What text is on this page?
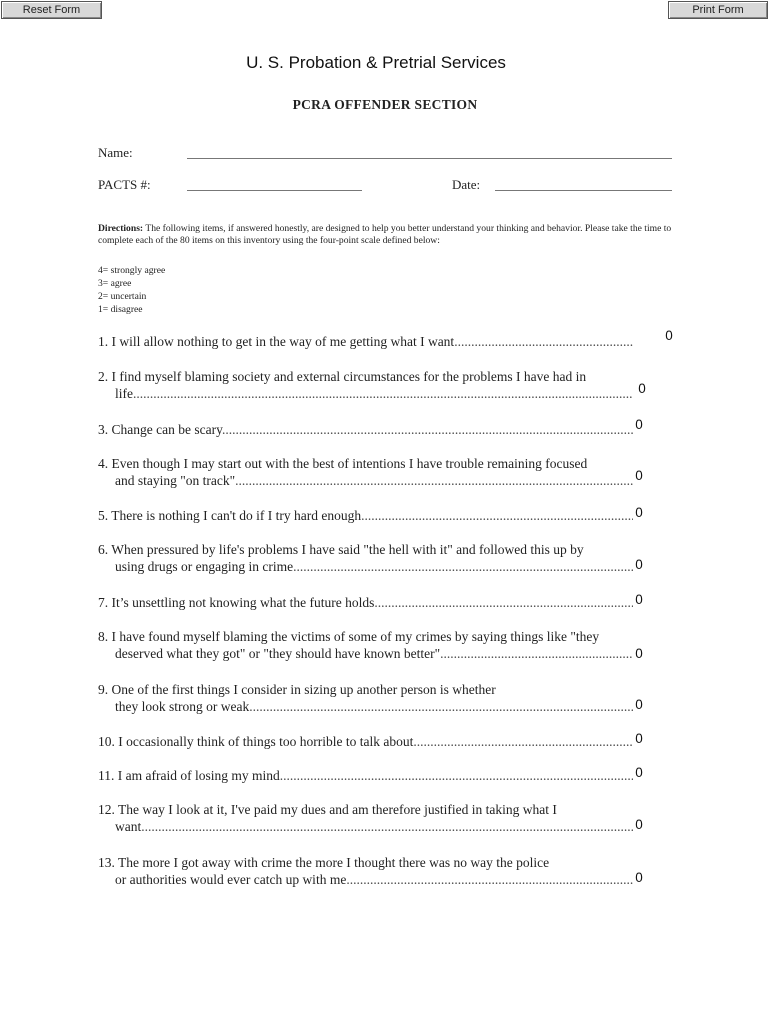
Reset Form	Print Form
U. S. Probation & Pretrial Services
PCRA OFFENDER SECTION
Name:
PACTS #:	Date:
Directions: The following items, if answered honestly, are designed to help you better understand your thinking and behavior. Please take the time to complete each of the 80 items on this inventory using the four-point scale defined below:
4= strongly agree
3= agree
2= uncertain
1= disagree
1. I will allow nothing to get in the way of me getting what I want .....	0
2. I find myself blaming society and external circumstances for the problems I have had in
life .....	0
3. Change can be scary .....	0
4. Even though I may start out with the best of intentions I have trouble remaining focused
and staying "on track" .....	0
5. There is nothing I can't do if I try hard enough .....	0
6. When pressured by life's problems I have said "the hell with it" and followed this up by
using drugs or engaging in crime .....	0
7. It’s unsettling not knowing what the future holds .....	0
8. I have found myself blaming the victims of some of my crimes by saying things like "they
deserved what they got" or "they should have known better" .....	0
9. One of the first things I consider in sizing up another person is whether
they look strong or weak .....	0
10. I occasionally think of things too horrible to talk about .....	0
11. I am afraid of losing my mind .....	0
12. The way I look at it, I've paid my dues and am therefore justified in taking what I
want .....	0
13. The more I got away with crime the more I thought there was no way the police
or authorities would ever catch up with me .....	0
